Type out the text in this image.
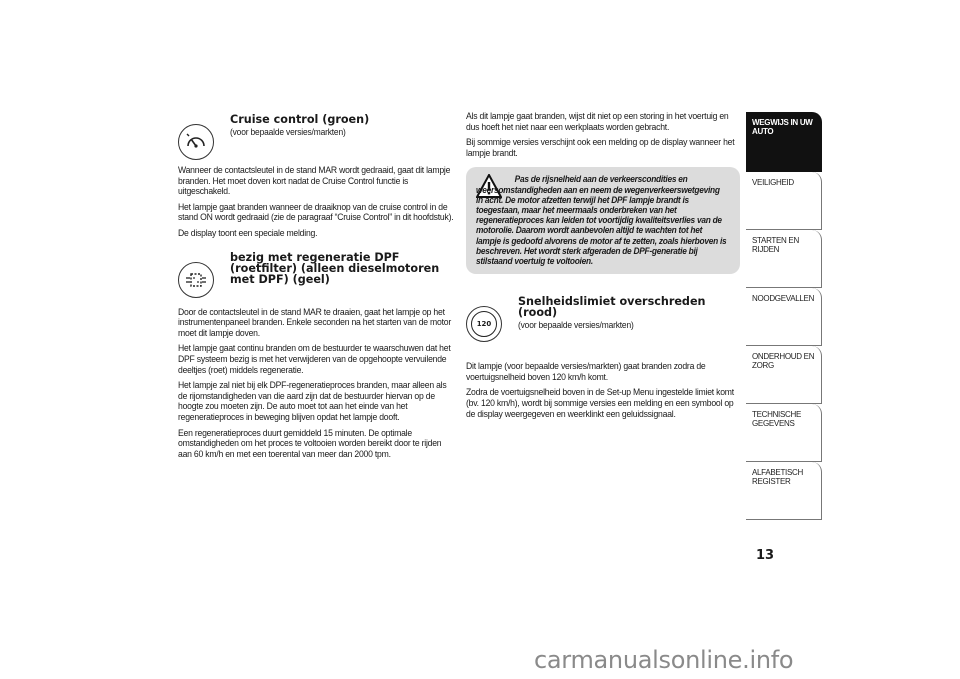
Cruise control (groen)
(voor bepaalde versies/markten)

Wanneer de contactsleutel in de stand MAR wordt gedraaid, gaat dit lampje branden. Het moet doven kort nadat de Cruise Control functie is uitgeschakeld.

Het lampje gaat branden wanneer de draaiknop van de cruise control in de stand ON wordt gedraaid (zie de paragraaf “Cruise Control” in dit hoofdstuk).

De display toont een speciale melding.

bezig met regeneratie DPF (roetfilter) (alleen dieselmotoren met DPF) (geel)

Door de contactsleutel in de stand MAR te draaien, gaat het lampje op het instrumentenpaneel branden. Enkele seconden na het starten van de motor moet dit lampje doven.

Het lampje gaat continu branden om de bestuurder te waarschuwen dat het DPF systeem bezig is met het verwijderen van de opgehoopte vervuilende deeltjes (roet) middels regeneratie.

Het lampje zal niet bij elk DPF-regeneratieproces branden, maar alleen als de rijomstandigheden van die aard zijn dat de bestuurder hiervan op de hoogte zou moeten zijn. De auto moet tot aan het einde van het regeneratieproces in beweging blijven opdat het lampje dooft.

Een regeneratieproces duurt gemiddeld 15 minuten. De optimale omstandigheden om het proces te voltooien worden bereikt door te rijden aan 60 km/h en met een toerental van meer dan 2000 tpm.

Als dit lampje gaat branden, wijst dit niet op een storing in het voertuig en dus hoeft het niet naar een werkplaats worden gebracht.

Bij sommige versies verschijnt ook een melding op de display wanneer het lampje brandt.

Pas de rijsnelheid aan de verkeerscondities en weersomstandigheden aan en neem de wegenverkeerswetgeving in acht. De motor afzetten terwijl het DPF lampje brandt is toegestaan, maar het meermaals onderbreken van het regeneratieproces kan leiden tot voortijdig kwaliteitsverlies van de motorolie. Daarom wordt aanbevolen altijd te wachten tot het lampje is gedoofd alvorens de motor af te zetten, zoals hierboven is beschreven. Het wordt sterk afgeraden de DPF-generatie bij stilstaand voertuig te voltooien.
120
Snelheidslimiet overschreden (rood)
(voor bepaalde versies/markten)

Dit lampje (voor bepaalde versies/markten) gaat branden zodra de voertuigsnelheid boven 120 km/h komt.

Zodra de voertuigsnelheid boven in de Set-up Menu ingestelde limiet komt (bv. 120 km/h), wordt bij sommige versies een melding en een symbool op de display weergegeven en weerklinkt een geluidssignaal.

WEGWIJS IN UW AUTO
VEILIGHEID
STARTEN EN RIJDEN
NOODGEVALLEN
ONDERHOUD EN ZORG
TECHNISCHE GEGEVENS
ALFABETISCH REGISTER
13
carmanualsonline.info
